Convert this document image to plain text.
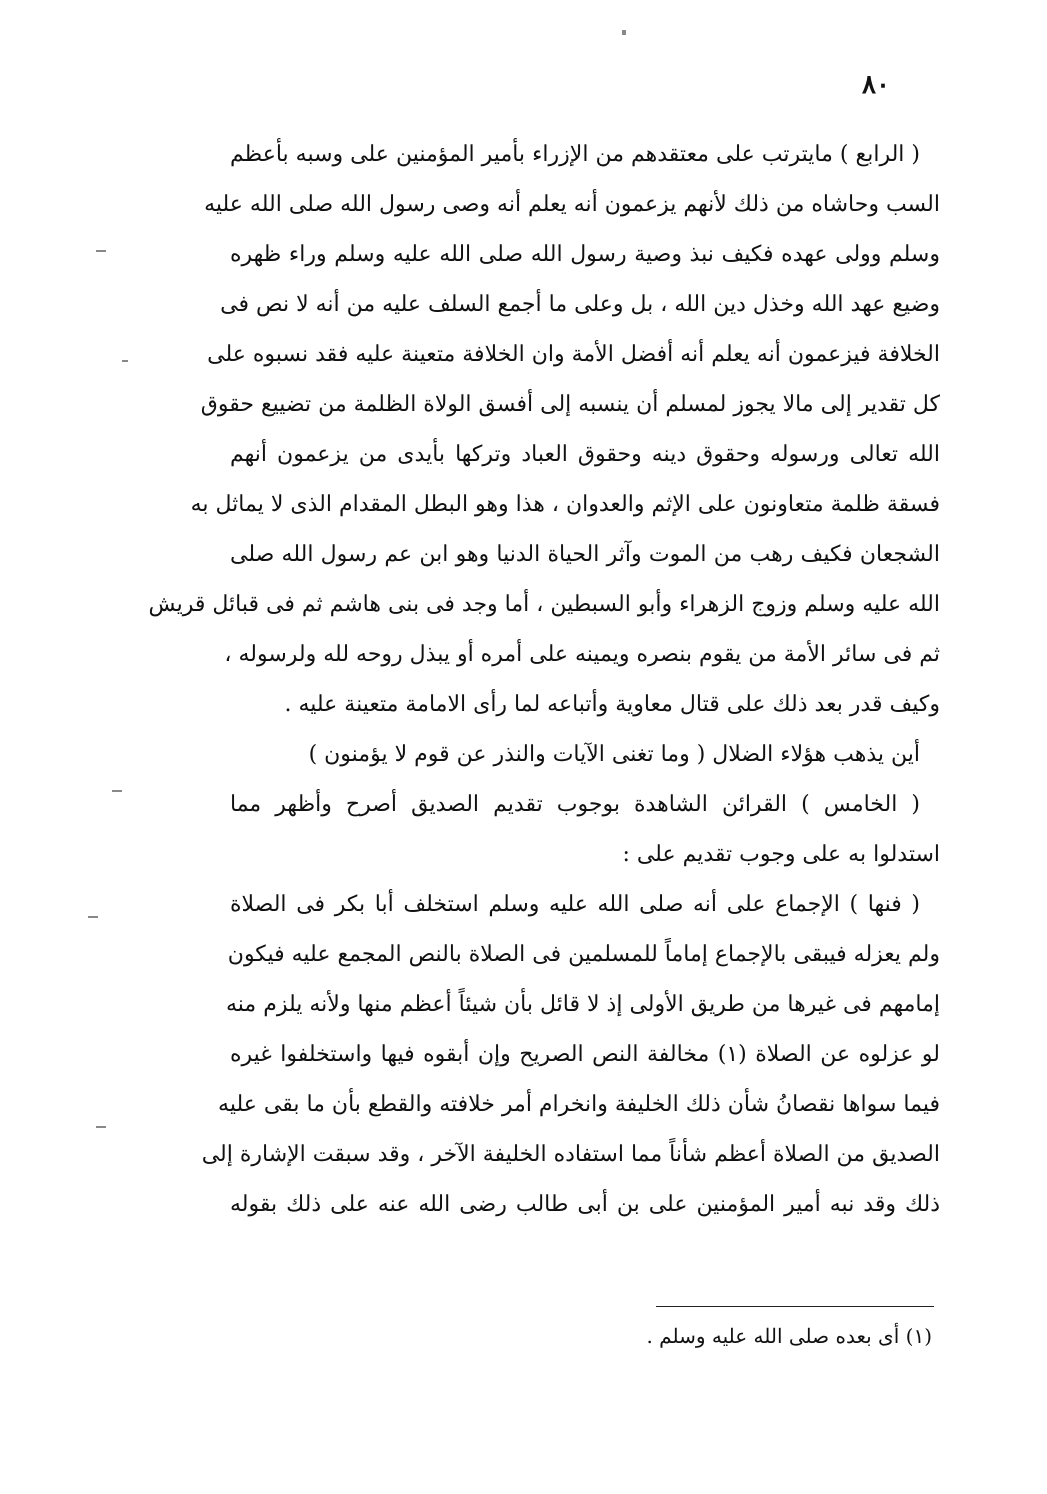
٨٠
( الرابع ) مايترتب على معتقدهم من الإزراء بأمير المؤمنين على وسبه بأعظم
السب وحاشاه من ذلك لأنهم يزعمون أنه يعلم أنه وصى رسول الله صلى الله عليه
وسلم وولى عهده فكيف نبذ وصية رسول الله صلى الله عليه وسلم وراء ظهره
وضيع عهد الله وخذل دين الله ، بل وعلى ما أجمع السلف عليه من أنه لا نص فى
الخلافة فيزعمون أنه يعلم أنه أفضل الأمة وان الخلافة متعينة عليه فقد نسبوه على
كل تقدير إلى مالا يجوز لمسلم أن ينسبه إلى أفسق الولاة الظلمة من تضييع حقوق
الله تعالى ورسوله وحقوق دينه وحقوق العباد وتركها بأيدى من يزعمون أنهم
فسقة ظلمة متعاونون على الإثم والعدوان ، هذا وهو البطل المقدام الذى لا يماثل به
الشجعان فكيف رهب من الموت وآثر الحياة الدنيا وهو ابن عم رسول الله صلى
الله عليه وسلم وزوج الزهراء وأبو السبطين ، أما وجد فى بنى هاشم ثم فى قبائل قريش
ثم فى سائر الأمة من يقوم بنصره ويمينه على أمره أو يبذل روحه لله ولرسوله ،
وكيف قدر بعد ذلك على قتال معاوية وأتباعه لما رأى الامامة متعينة عليه .
أين يذهب هؤلاء الضلال ( وما تغنى الآيات والنذر عن قوم لا يؤمنون )
( الخامس ) القرائن الشاهدة بوجوب تقديم الصديق أصرح وأظهر مما
استدلوا به على وجوب تقديم على :
( فنها ) الإجماع على أنه صلى الله عليه وسلم استخلف أبا بكر فى الصلاة
ولم يعزله فيبقى بالإجماع إماماً للمسلمين فى الصلاة بالنص المجمع عليه فيكون
إمامهم فى غيرها من طريق الأولى إذ لا قائل بأن شيئاً أعظم منها ولأنه يلزم منه
لو عزلوه عن الصلاة (١) مخالفة النص الصريح وإن أبقوه فيها واستخلفوا غيره
فيما سواها نقصانُ شأن ذلك الخليفة وانخرام أمر خلافته والقطع بأن ما بقى عليه
الصديق من الصلاة أعظم شأناً مما استفاده الخليفة الآخر ، وقد سبقت الإشارة إلى
ذلك وقد نبه أمير المؤمنين على بن أبى طالب رضى الله عنه على ذلك بقوله
(١) أى بعده صلى الله عليه وسلم .
